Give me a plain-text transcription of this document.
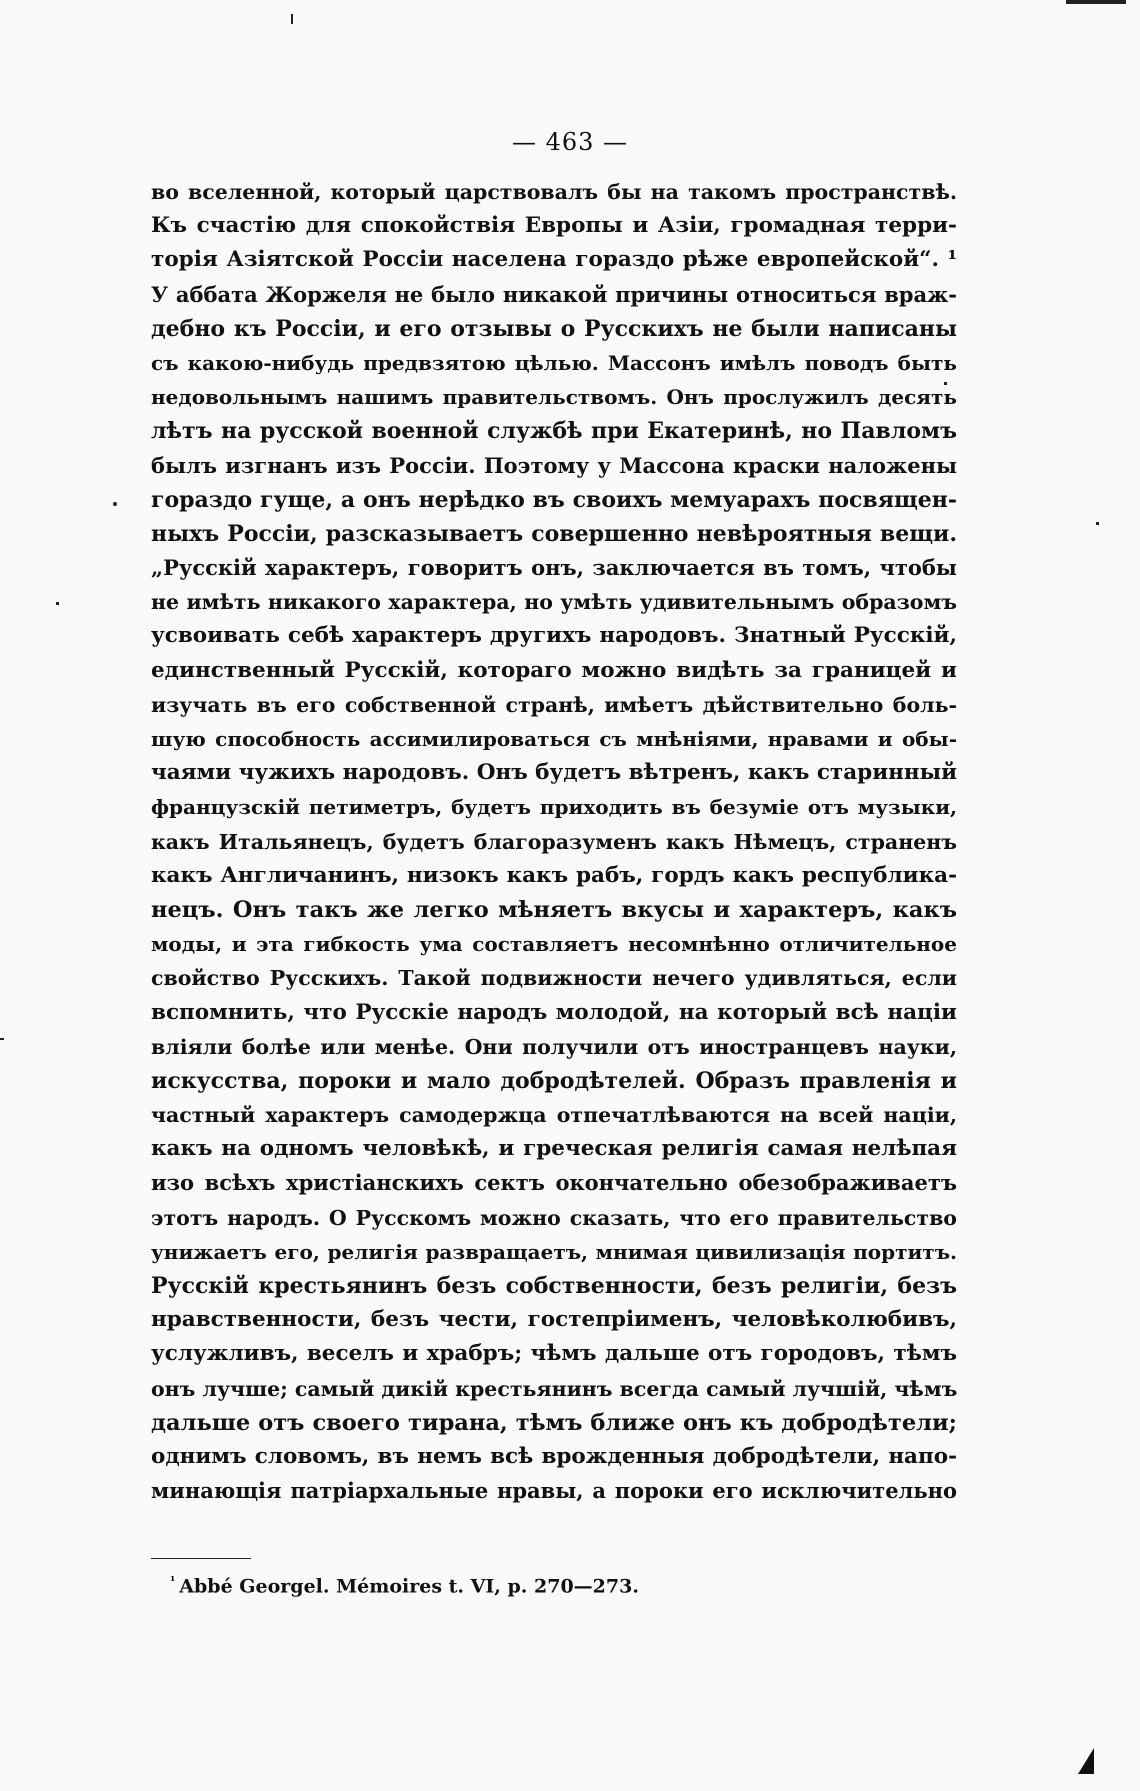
— 463 —
во вселенной, который царствовалъ бы на такомъ пространствѣ.
Къ счастію для спокойствія Европы и Азіи, громадная терри-
торія Азіятской Россіи населена гораздо рѣже европейской“. ¹
У аббата Жоржеля не было никакой причины относиться враж-
дебно къ Россіи, и его отзывы о Русскихъ не были написаны
съ какою-нибудь предвзятою цѣлью. Массонъ имѣлъ поводъ быть
недовольнымъ нашимъ правительствомъ. Онъ прослужилъ десять
лѣтъ на русской военной службѣ при Екатеринѣ, но Павломъ
былъ изгнанъ изъ Россіи. Поэтому у Массона краски наложены
гораздо гуще, а онъ нерѣдко въ своихъ мемуарахъ посвящен-
ныхъ Россіи, разсказываетъ совершенно невѣроятныя вещи.
„Русскій характеръ, говоритъ онъ, заключается въ томъ, чтобы
не имѣть никакого характера, но умѣть удивительнымъ образомъ
усвоивать себѣ характеръ другихъ народовъ. Знатный Русскій,
единственный Русскій, котораго можно видѣть за границей и
изучать въ его собственной странѣ, имѣетъ дѣйствительно боль-
шую способность ассимилироваться съ мнѣніями, нравами и обы-
чаями чужихъ народовъ. Онъ будетъ вѣтренъ, какъ старинный
французскій петиметръ, будетъ приходить въ безуміе отъ музыки,
какъ Итальянецъ, будетъ благоразуменъ какъ Нѣмецъ, страненъ
какъ Англичанинъ, низокъ какъ рабъ, гордъ какъ республика-
нецъ. Онъ такъ же легко мѣняетъ вкусы и характеръ, какъ
моды, и эта гибкость ума составляетъ несомнѣнно отличительное
свойство Русскихъ. Такой подвижности нечего удивляться, если
вспомнить, что Русскіе народъ молодой, на который всѣ націи
вліяли болѣе или менѣе. Они получили отъ иностранцевъ науки,
искусства, пороки и мало добродѣтелей. Образъ правленія и
частный характеръ самодержца отпечатлѣваются на всей націи,
какъ на одномъ человѣкѣ, и греческая религія самая нелѣпая
изо всѣхъ христіанскихъ сектъ окончательно обезображиваетъ
этотъ народъ. О Русскомъ можно сказать, что его правительство
унижаетъ его, религія развращаетъ, мнимая цивилизація портитъ.
Русскій крестьянинъ безъ собственности, безъ религіи, безъ
нравственности, безъ чести, гостепріименъ, человѣколюбивъ,
услужливъ, веселъ и храбръ; чѣмъ дальше отъ городовъ, тѣмъ
онъ лучше; самый дикій крестьянинъ всегда самый лучшій, чѣмъ
дальше отъ своего тирана, тѣмъ ближе онъ къ добродѣтели;
однимъ словомъ, въ немъ всѣ врожденныя добродѣтели, напо-
минающія патріархальные нравы, а пороки его исключительно
$^{^1}$ Abbé Georgel. Mémoires t. VI, p. 270—273.
